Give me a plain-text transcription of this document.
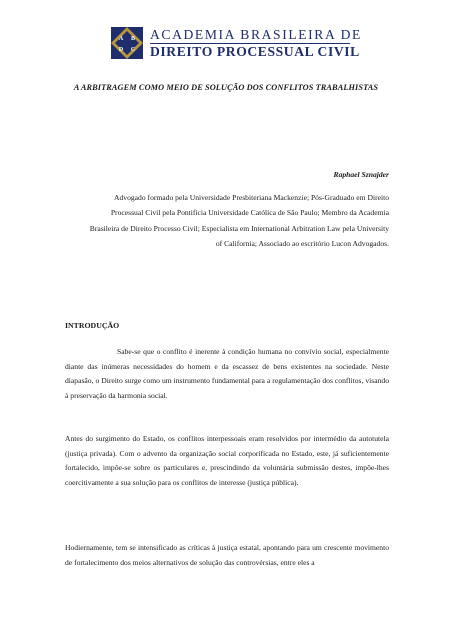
A B
D C
ACADEMIA BRASILEIRA DE
DIREITO PROCESSUAL CIVIL
A ARBITRAGEM COMO MEIO DE SOLUÇÃO DOS CONFLITOS TRABALHISTAS
Raphael Sznajder
Advogado formado pela Universidade Presbiteriana Mackenzie; Pós-Graduado em Direito Processual Civil pela Pontifícia Universidade Católica de São Paulo; Membro da Academia Brasileira de Direito Processo Civil; Especialista em International Arbitration Law pela University of California; Associado ao escritório Lucon Advogados.
INTRODUÇÃO
Sabe-se que o conflito é inerente à condição humana no convívio social, especialmente diante das inúmeras necessidades do homem e da escassez de bens existentes na sociedade. Neste diapasão, o Direito surge como um instrumento fundamental para a regulamentação dos conflitos, visando à preservação da harmonia social.
Antes do surgimento do Estado, os conflitos interpessoais eram resolvidos por intermédio da autotutela (justiça privada). Com o advento da organização social corporificada no Estado, este, já suficientemente fortalecido, impõe-se sobre os particulares e, prescindindo da voluntária submissão destes, impõe-lhes coercitivamente a sua solução para os conflitos de interesse (justiça pública).
Hodiernamente, tem se intensificado as críticas à justiça estatal, apontando para um crescente movimento de fortalecimento dos meios alternativos de solução das controvérsias, entre eles a
